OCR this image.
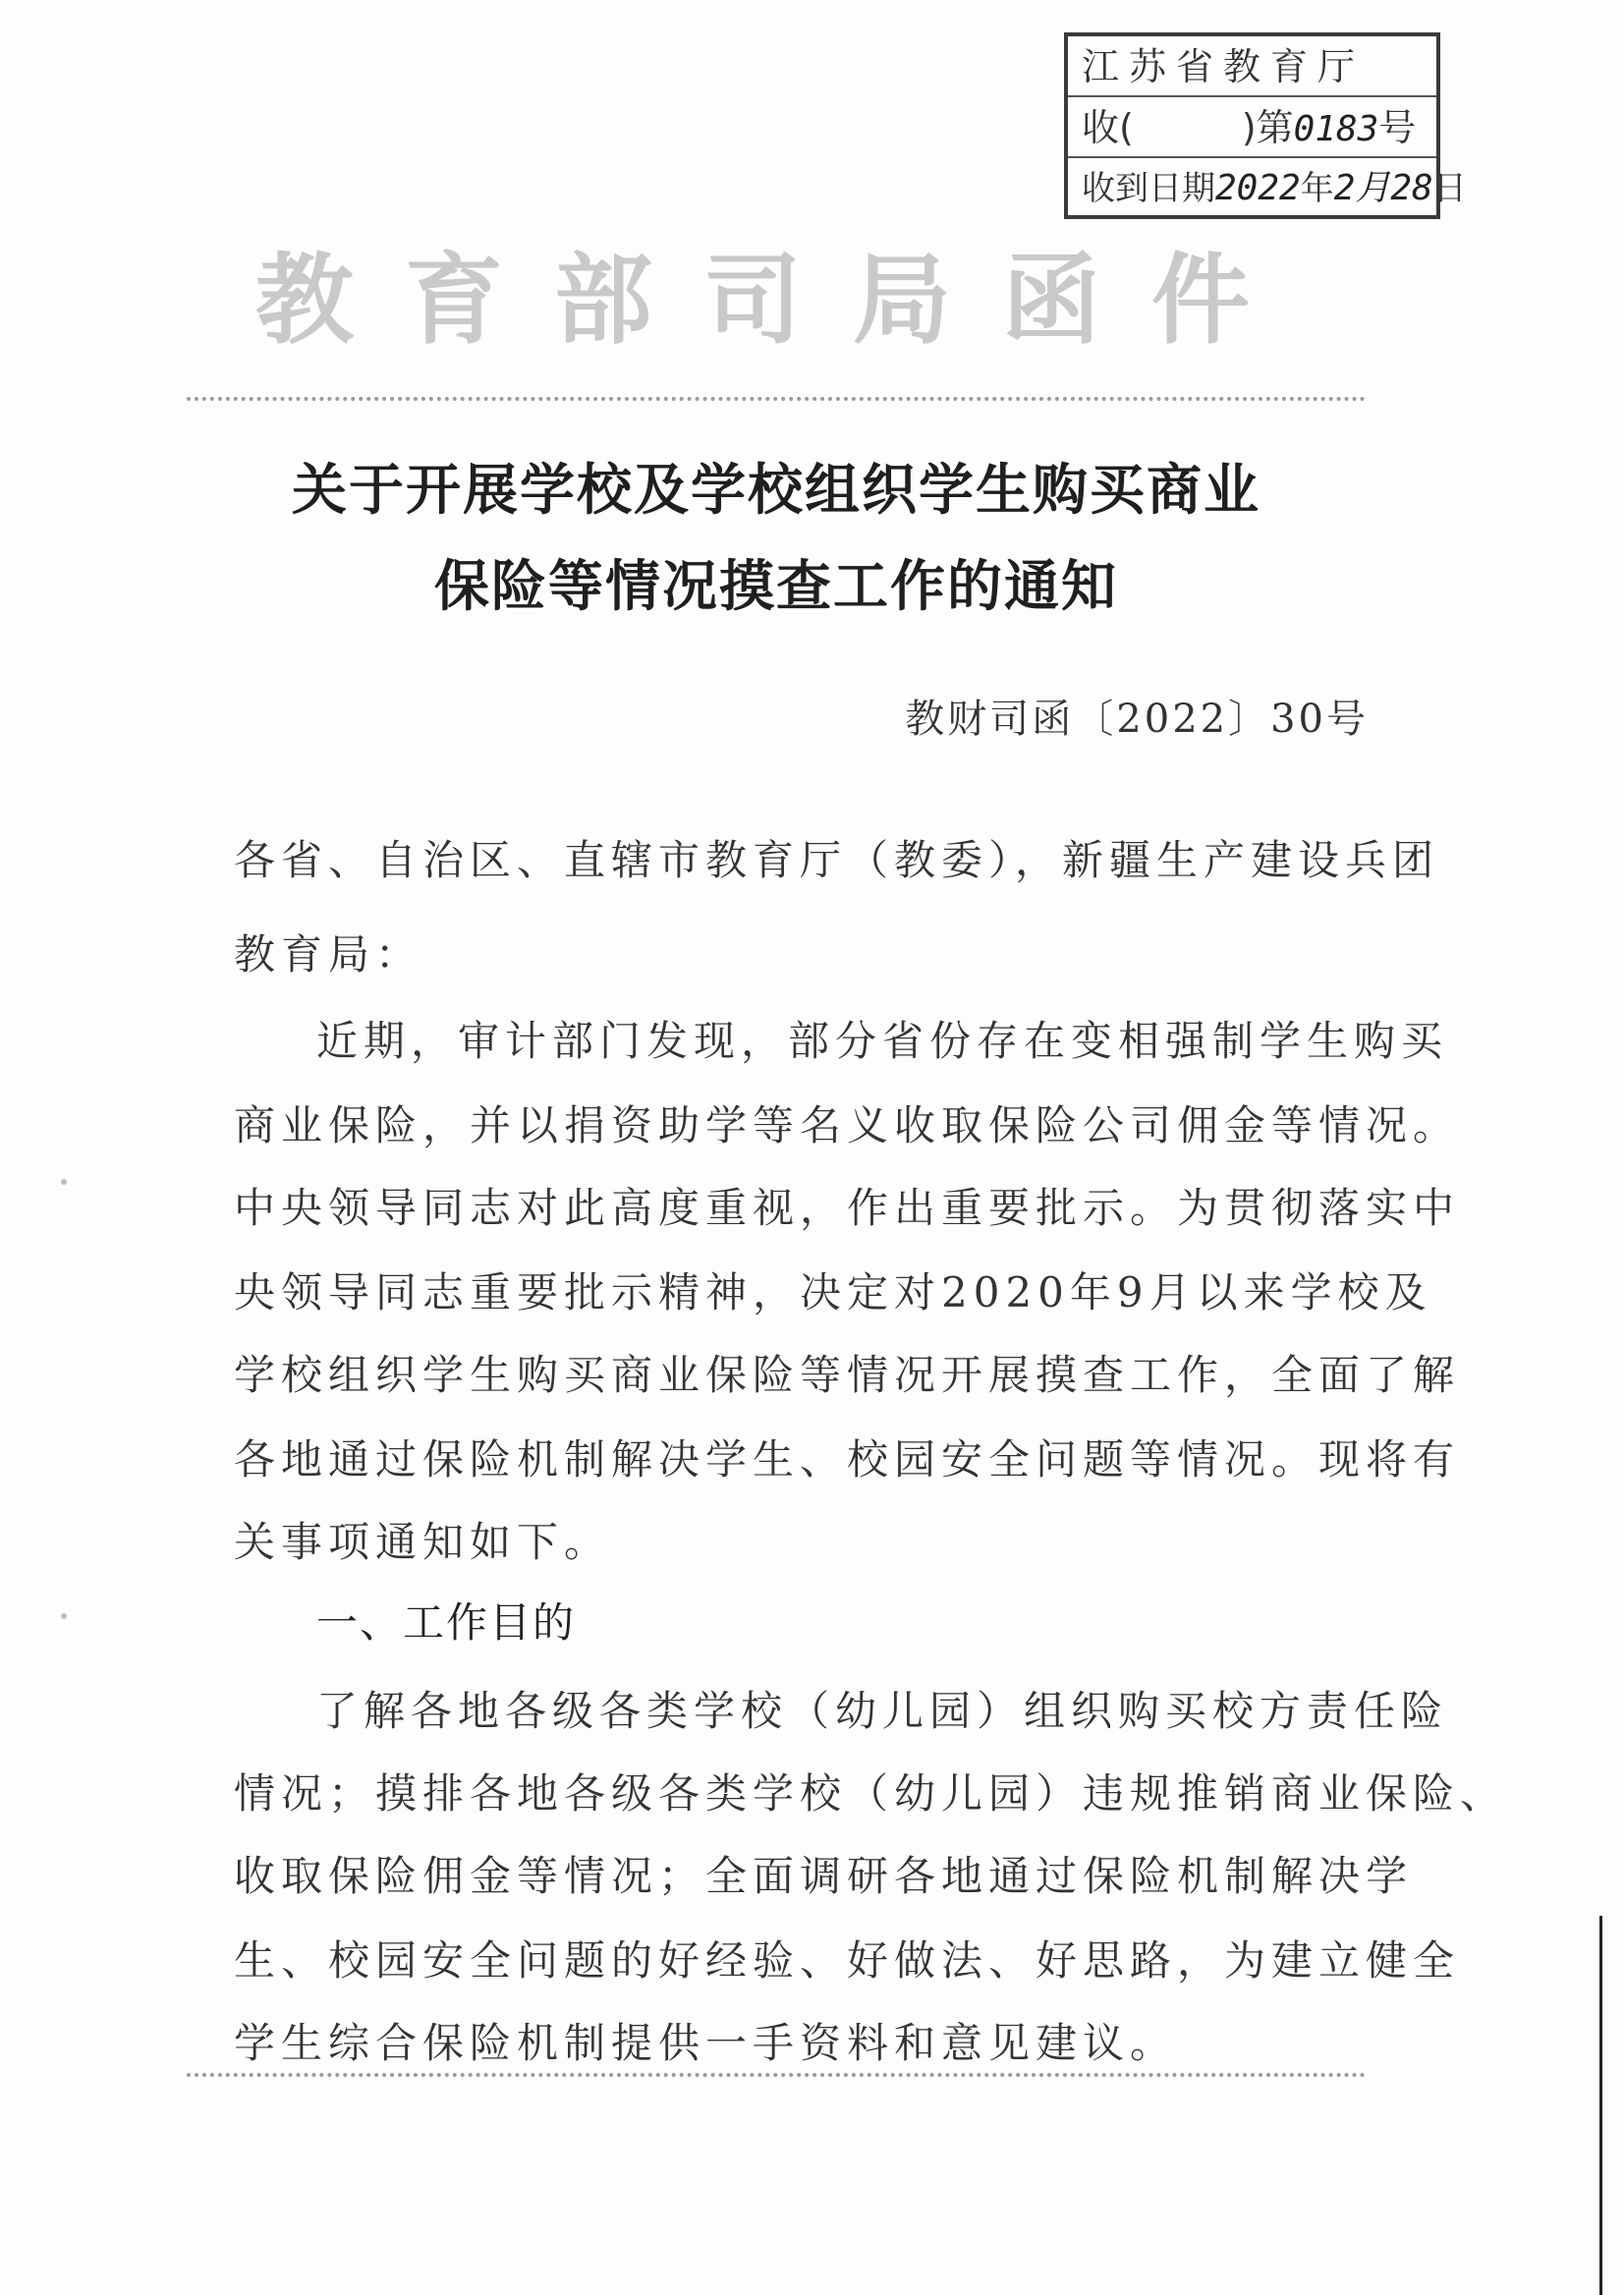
江苏省教育厅
收(	)第0183号
收到日期2022年2月28日
教育部司局函件
关于开展学校及学校组织学生购买商业
保险等情况摸查工作的通知
教财司函〔2022〕30号
各省、自治区、直辖市教育厅（教委），新疆生产建设兵团
教育局：
近期，审计部门发现，部分省份存在变相强制学生购买
商业保险，并以捐资助学等名义收取保险公司佣金等情况。
中央领导同志对此高度重视，作出重要批示。为贯彻落实中
央领导同志重要批示精神，决定对2020年9月以来学校及
学校组织学生购买商业保险等情况开展摸查工作，全面了解
各地通过保险机制解决学生、校园安全问题等情况。现将有
关事项通知如下。
一、工作目的
了解各地各级各类学校（幼儿园）组织购买校方责任险
情况；摸排各地各级各类学校（幼儿园）违规推销商业保险、
收取保险佣金等情况；全面调研各地通过保险机制解决学
生、校园安全问题的好经验、好做法、好思路，为建立健全
学生综合保险机制提供一手资料和意见建议。
